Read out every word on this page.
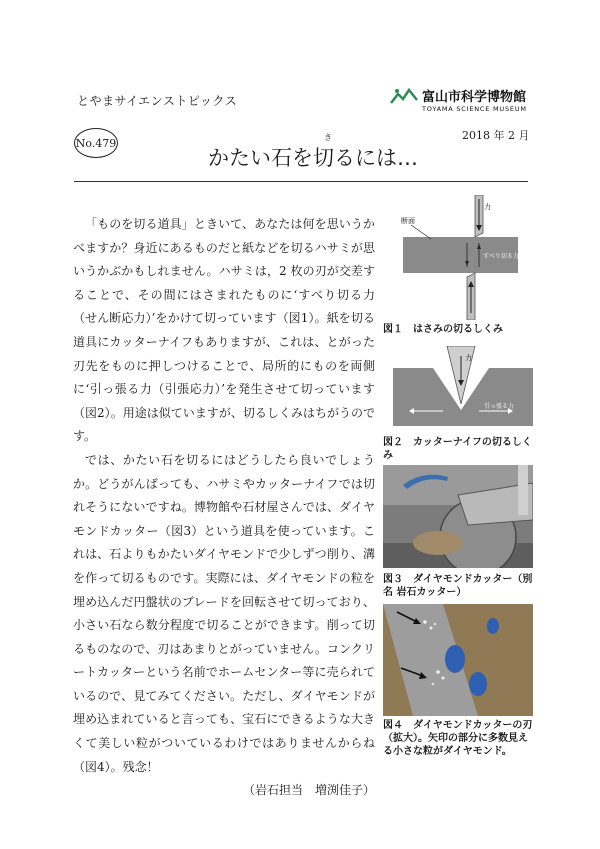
とやまサイエンストピックス	富山市科学博物館
TOYAMA SCIENCE MUSEUM
2018 年 2 月
No.479	き
かたい石を切るには…

「ものを切る道具」ときいて、あなたは何を思いうかべますか？身近にあるものだと紙などを切るハサミが思いうかぶかもしれません。ハサミは，2 枚の刃が交差することで、その間にはさまれたものに‘すべり切る力（せん断応力）’をかけて切っています（図1）。紙を切る道具にカッターナイフもありますが、これは、とがった刃先をものに押しつけることで、局所的にものを両側に‘引っ張る力（引張応力）’を発生させて切っています（図2）。用途は似ていますが、切るしくみはちがうのです。

では、かたい石を切るにはどうしたら良いでしょうか。どうがんばっても、ハサミやカッターナイフでは切れそうにないですね。博物館や石材屋さんでは、ダイヤモンドカッター（図3）という道具を使っています。これは、石よりもかたいダイヤモンドで少しずつ削り、溝を作って切るものです。実際には、ダイヤモンドの粒を埋め込んだ円盤状のブレードを回転させて切っており、小さい石なら数分程度で切ることができます。削って切るものなので、刃はあまりとがっていません。コンクリートカッターという名前でホームセンター等に売られているので、見てみてください。ただし、ダイヤモンドが埋め込まれていると言っても、宝石にできるような大きくて美しい粒がついているわけではありませんからね（図4）。残念！

（岩石担当　増渕佳子）
断面
力
すべり切る力
図１　はさみの切るしくみ
力
引っ張る力
図２　カッターナイフの切るしくみ
図３　ダイヤモンドカッター（別名 岩石カッター）
図４　ダイヤモンドカッターの刃（拡大）。矢印の部分に多数見える小さな粒がダイヤモンド。
